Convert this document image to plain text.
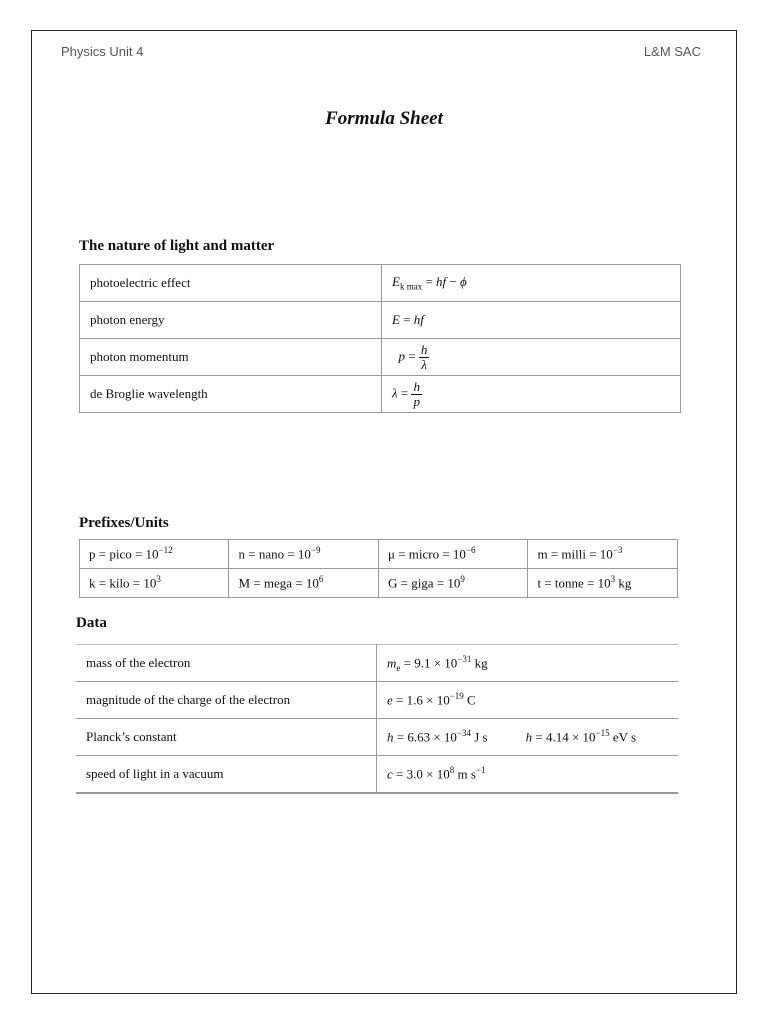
Physics Unit 4	L&M SAC
Formula Sheet
The nature of light and matter
photoelectric effect	$E_{k max}$ = hf − ϕ
photon energy	E = hf
photon momentum	$p = \frac{h}{\lambda}$

de Broglie wavelength	$\lambda = \frac{h}{p}$
Prefixes/Units
p = pico = $10^{-12}$	n = nano = $10^{-9}$	μ = micro = $10^{-6}$	m = milli = $10^{-3}$
k = kilo = $10^3$	M = mega = $10^6$	G = giga = $10^9$	t = tonne = $10^3$ kg
Data
mass of the electron	$m_e = 9.1 \times 10^{-31}$ kg
magnitude of the charge of the electron	$e = 1.6 \times 10^{-19}$ C
Planck’s constant	$h = 6.63 \times 10^{-34}$ J s $h = 4.14 \times 10^{-15}$ eV s
speed of light in a vacuum	$c = 3.0 \times 10^8$ m $s^{-1}$
